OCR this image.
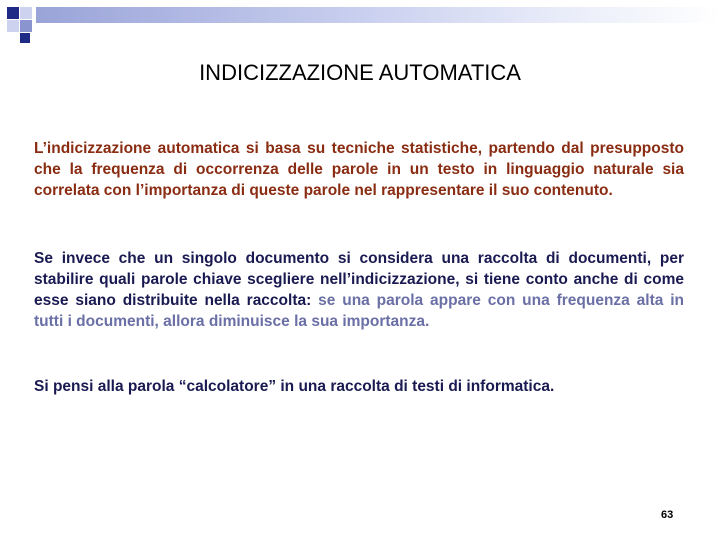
INDICIZZAZIONE AUTOMATICA

L’indicizzazione automatica si basa su tecniche statistiche, partendo dal presupposto che la frequenza di occorrenza delle parole in un testo in linguaggio naturale sia correlata con l’importanza di queste parole nel rappresentare il suo contenuto.

Se invece che un singolo documento si considera una raccolta di documenti, per stabilire quali parole chiave scegliere nell’indicizzazione, si tiene conto anche di come esse siano distribuite nella raccolta: se una parola appare con una frequenza alta in tutti i documenti, allora diminuisce la sua importanza.

Si pensi alla parola “calcolatore” in una raccolta di testi di informatica.

63
